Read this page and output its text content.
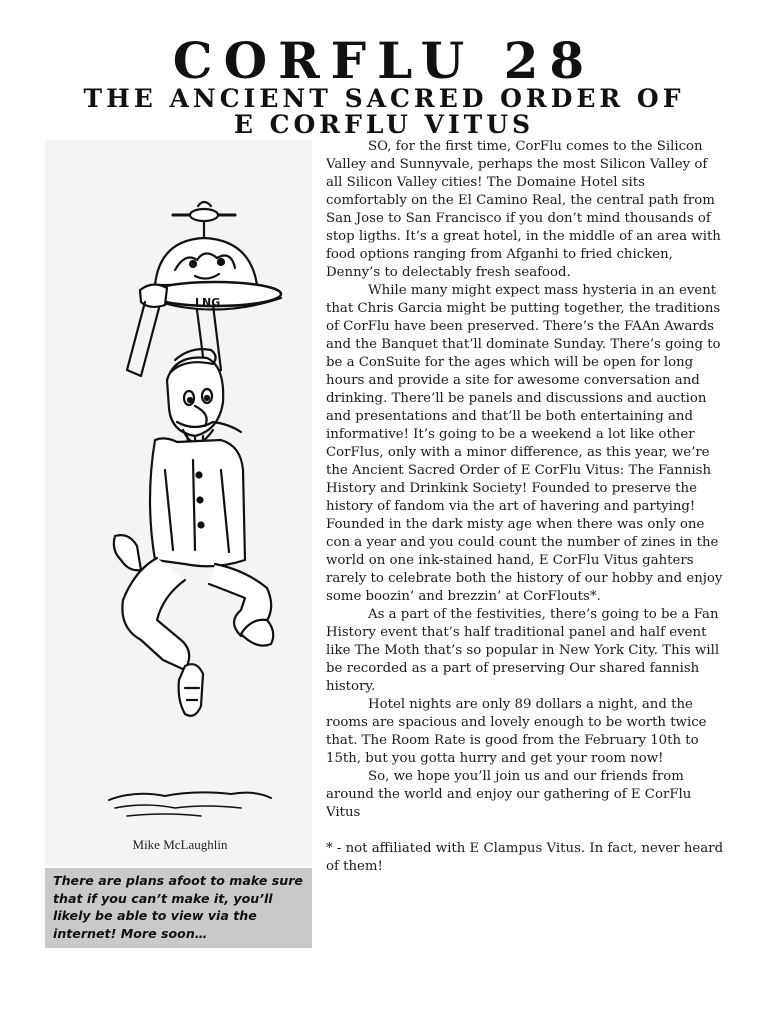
CORFLU 28
THE ANCIENT SACRED ORDER OF
E CORFLU VITUS
LNG
Mike McLaughlin
There are plans afoot to make sure that if you can’t make it, you’ll likely be able to view via the internet! More soon…

SO, for the first time, CorFlu comes to the Silicon Valley and Sunnyvale, perhaps the most Silicon Valley of all Silicon Valley cities! The Domaine Hotel sits comfortably on the El Camino Real, the central path from San Jose to San Francisco if you don’t mind thousands of stop ligths. It’s a great hotel, in the middle of an area with food options ranging from Afganhi to fried chicken, Denny’s to delectably fresh seafood.

While many might expect mass hysteria in an event that Chris Garcia might be putting together, the traditions of CorFlu have been preserved. There’s the FAAn Awards and the Banquet that’ll dominate Sunday. There’s going to be a ConSuite for the ages which will be open for long hours and provide a site for awesome conversation and drinking. There’ll be panels and discussions and auction and presentations and that’ll be both entertaining and informative! It’s going to be a weekend a lot like other CorFlus, only with a minor difference, as this year, we’re the Ancient Sacred Order of E CorFlu Vitus: The Fannish History and Drinkink Society! Founded to preserve the history of fandom via the art of havering and partying! Founded in the dark misty age when there was only one con a year and you could count the number of zines in the world on one ink-stained hand, E CorFlu Vitus gahters rarely to celebrate both the history of our hobby and enjoy some boozin’ and brezzin’ at CorFlouts*.

As a part of the festivities, there’s going to be a Fan History event that’s half traditional panel and half event like The Moth that’s so popular in New York City. This will be recorded as a part of preserving Our shared fannish history.

Hotel nights are only 89 dollars a night, and the rooms are spacious and lovely enough to be worth twice that. The Room Rate is good from the February 10th to 15th, but you gotta hurry and get your room now!

So, we hope you’ll join us and our friends from around the world and enjoy our gathering of E CorFlu Vitus

* - not affiliated with E Clampus Vitus. In fact, never heard of them!
